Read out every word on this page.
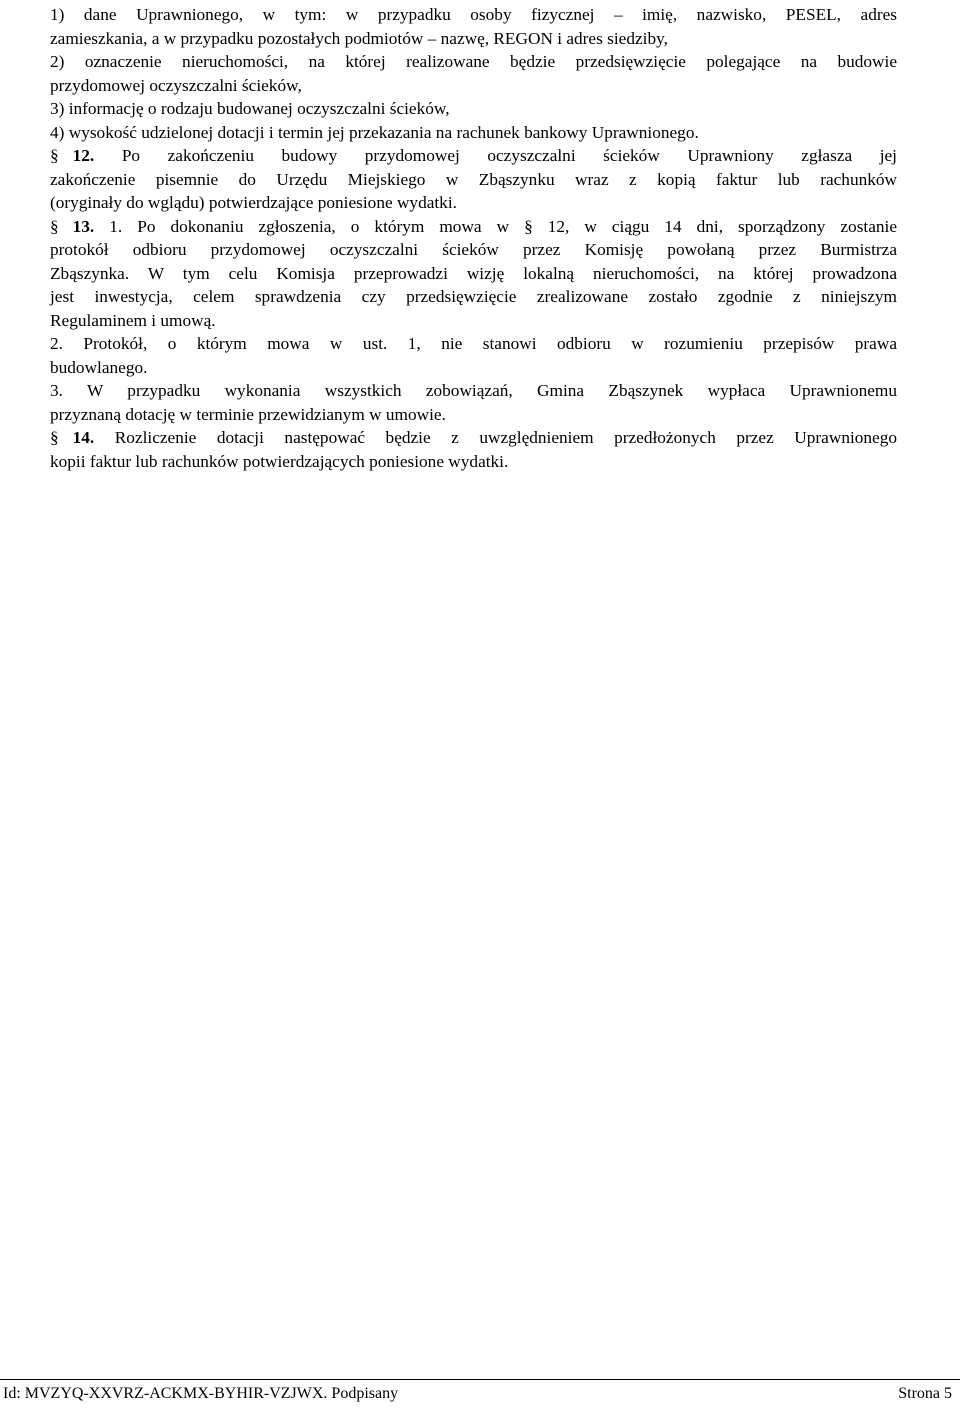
1) dane Uprawnionego, w tym: w przypadku osoby fizycznej – imię, nazwisko, PESEL, adres
zamieszkania, a w przypadku pozostałych podmiotów – nazwę, REGON i adres siedziby,
2) oznaczenie nieruchomości, na której realizowane będzie przedsięwzięcie polegające na budowie
przydomowej oczyszczalni ścieków,
3) informację o rodzaju budowanej oczyszczalni ścieków,
4) wysokość udzielonej dotacji i termin jej przekazania na rachunek bankowy Uprawnionego.
§ 12. Po zakończeniu budowy przydomowej oczyszczalni ścieków Uprawniony zgłasza jej
zakończenie pisemnie do Urzędu Miejskiego w Zbąszynku wraz z kopią faktur lub rachunków
(oryginały do wglądu) potwierdzające poniesione wydatki.
§ 13. 1. Po dokonaniu zgłoszenia, o którym mowa w § 12, w ciągu 14 dni, sporządzony zostanie
protokół odbioru przydomowej oczyszczalni ścieków przez Komisję powołaną przez Burmistrza
Zbąszynka. W tym celu Komisja przeprowadzi wizję lokalną nieruchomości, na której prowadzona
jest inwestycja, celem sprawdzenia czy przedsięwzięcie zrealizowane zostało zgodnie z niniejszym
Regulaminem i umową.
2. Protokół, o którym mowa w ust. 1, nie stanowi odbioru w rozumieniu przepisów prawa
budowlanego.
3. W przypadku wykonania wszystkich zobowiązań, Gmina Zbąszynek wypłaca Uprawnionemu
przyznaną dotację w terminie przewidzianym w umowie.
§ 14. Rozliczenie dotacji następować będzie z uwzględnieniem przedłożonych przez Uprawnionego
kopii faktur lub rachunków potwierdzających poniesione wydatki.
Id: MVZYQ-XXVRZ-ACKMX-BYHIR-VZJWX. Podpisany	Strona 5
